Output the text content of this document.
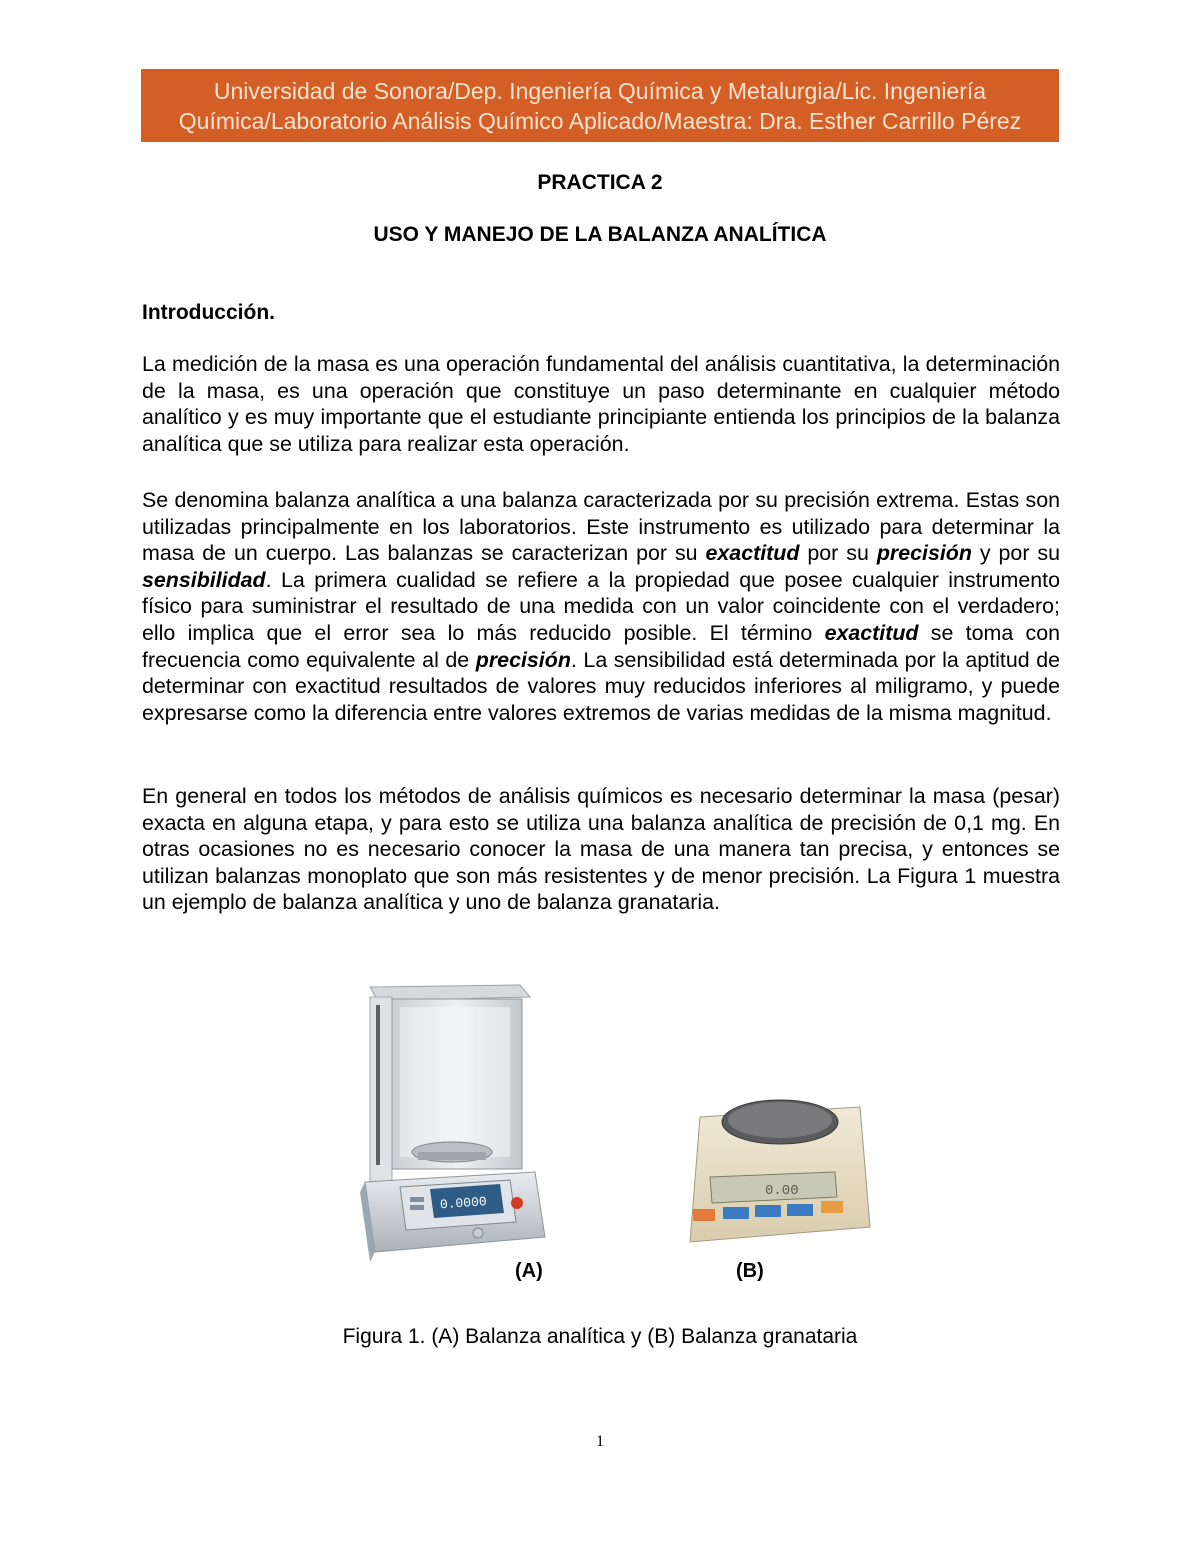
Universidad de Sonora/Dep. Ingeniería Química y Metalurgia/Lic. Ingeniería
Química/Laboratorio Análisis Químico Aplicado/Maestra: Dra. Esther Carrillo Pérez
PRACTICA 2
USO Y MANEJO DE LA BALANZA ANALÍTICA
Introducción.

La medición de la masa es una operación fundamental del análisis cuantitativa, la determinación de la masa, es una operación que constituye un paso determinante en cualquier método analítico y es muy importante que el estudiante principiante entienda los principios de la balanza analítica que se utiliza para realizar esta operación.

Se denomina balanza analítica a una balanza caracterizada por su precisión extrema. Estas son utilizadas principalmente en los laboratorios. Este instrumento es utilizado para determinar la masa de un cuerpo. Las balanzas se caracterizan por su exactitud por su precisión y por su sensibilidad. La primera cualidad se refiere a la propiedad que posee cualquier instrumento físico para suministrar el resultado de una medida con un valor coincidente con el verdadero; ello implica que el error sea lo más reducido posible. El término exactitud se toma con frecuencia como equivalente al de precisión. La sensibilidad está determinada por la aptitud de determinar con exactitud resultados de valores muy reducidos inferiores al miligramo, y puede expresarse como la diferencia entre valores extremos de varias medidas de la misma magnitud.

En general en todos los métodos de análisis químicos es necesario determinar la masa (pesar) exacta en alguna etapa, y para esto se utiliza una balanza analítica de precisión de 0,1 mg. En otras ocasiones no es necesario conocer la masa de una manera tan precisa, y entonces se utilizan balanzas monoplato que son más resistentes y de menor precisión. La Figura 1 muestra un ejemplo de balanza analítica y uno de balanza granataria.

0.0000
0.00
(A)	(B)
Figura 1. (A) Balanza analítica y (B) Balanza granataria
1
